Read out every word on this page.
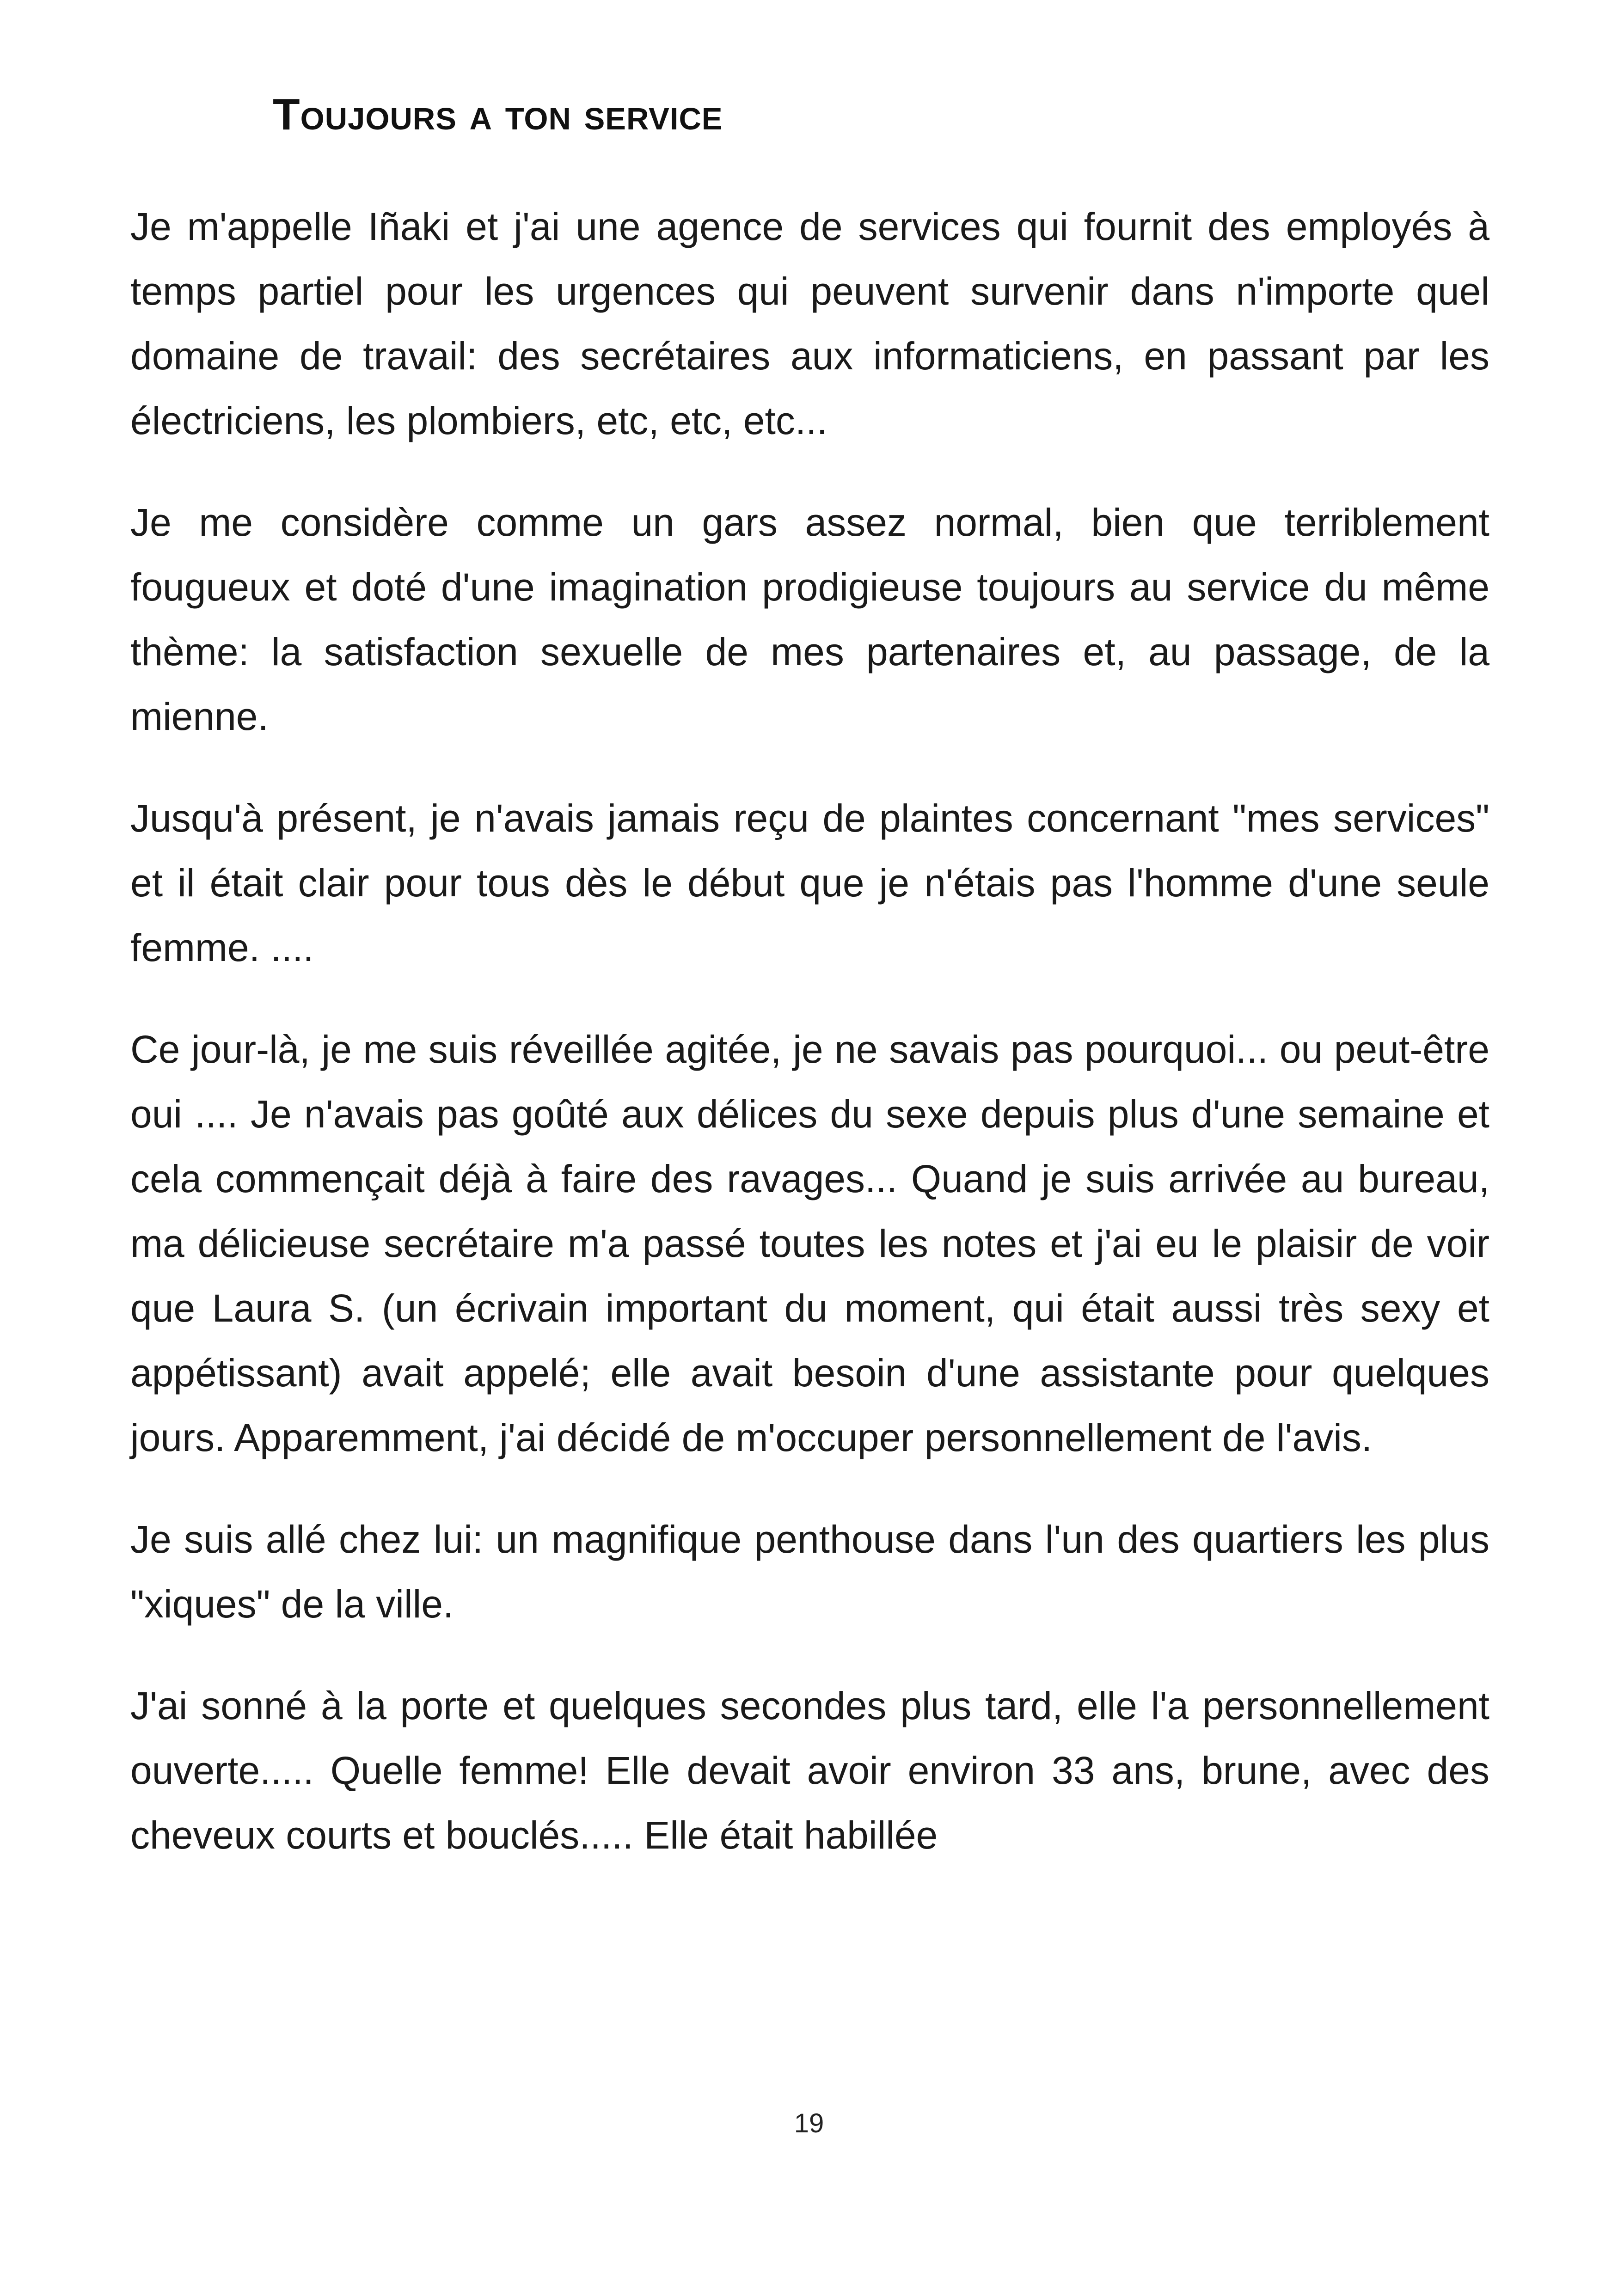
Toujours a ton service

Je m'appelle Iñaki et j'ai une agence de services qui fournit des employés à temps partiel pour les urgences qui peuvent survenir dans n'importe quel domaine de travail: des secrétaires aux informaticiens, en passant par les électriciens, les plombiers, etc, etc, etc...

Je me considère comme un gars assez normal, bien que terriblement fougueux et doté d'une imagination prodigieuse toujours au service du même thème: la satisfaction sexuelle de mes partenaires et, au passage, de la mienne.

Jusqu'à présent, je n'avais jamais reçu de plaintes concernant "mes services" et il était clair pour tous dès le début que je n'étais pas l'homme d'une seule femme. ....

Ce jour-là, je me suis réveillée agitée, je ne savais pas pourquoi... ou peut-être oui .... Je n'avais pas goûté aux délices du sexe depuis plus d'une semaine et cela commençait déjà à faire des ravages... Quand je suis arrivée au bureau, ma délicieuse secrétaire m'a passé toutes les notes et j'ai eu le plaisir de voir que Laura S. (un écrivain important du moment, qui était aussi très sexy et appétissant) avait appelé; elle avait besoin d'une assistante pour quelques jours. Apparemment, j'ai décidé de m'occuper personnellement de l'avis.

Je suis allé chez lui: un magnifique penthouse dans l'un des quartiers les plus "xiques" de la ville.

J'ai sonné à la porte et quelques secondes plus tard, elle l'a personnellement ouverte..... Quelle femme! Elle devait avoir environ 33 ans, brune, avec des cheveux courts et bouclés..... Elle était habillée

19
